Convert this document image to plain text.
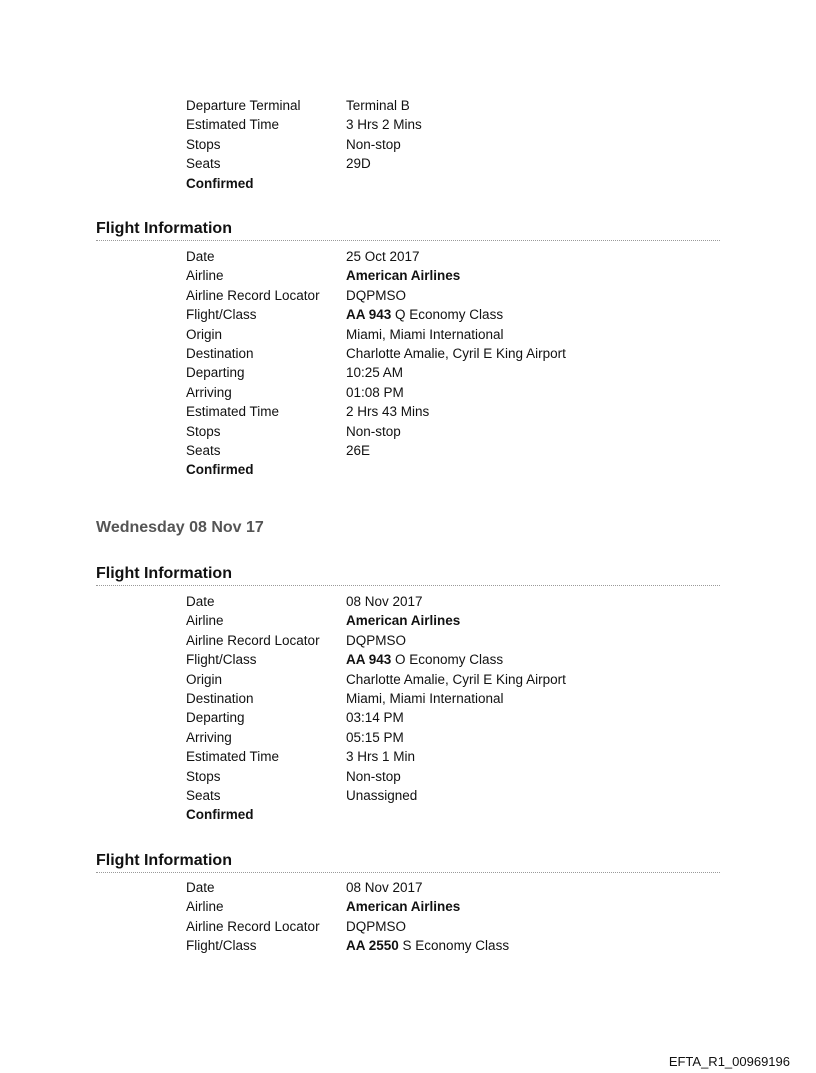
Departure Terminal	Terminal B
Estimated Time	3 Hrs 2 Mins
Stops	Non-stop
Seats	29D
Confirmed
Flight Information
Date	25 Oct 2017
Airline	American Airlines
Airline Record Locator DQPMSO
Flight/Class	AA 943 Q Economy Class
Origin	Miami, Miami International
Destination	Charlotte Amalie, Cyril E King Airport
Departing	10:25 AM
Arriving	01:08 PM
Estimated Time	2 Hrs 43 Mins
Stops	Non-stop
Seats	26E
Confirmed
Wednesday 08 Nov 17
Flight Information
Date	08 Nov 2017
Airline	American Airlines
Airline Record Locator DQPMSO
Flight/Class	AA 943 O Economy Class
Origin	Charlotte Amalie, Cyril E King Airport
Destination	Miami, Miami International
Departing	03:14 PM
Arriving	05:15 PM
Estimated Time	3 Hrs 1 Min
Stops	Non-stop
Seats	Unassigned
Confirmed
Flight Information
Date	08 Nov 2017
Airline	American Airlines
Airline Record Locator DQPMSO
Flight/Class	AA 2550 S Economy Class
EFTA_R1_00969196
